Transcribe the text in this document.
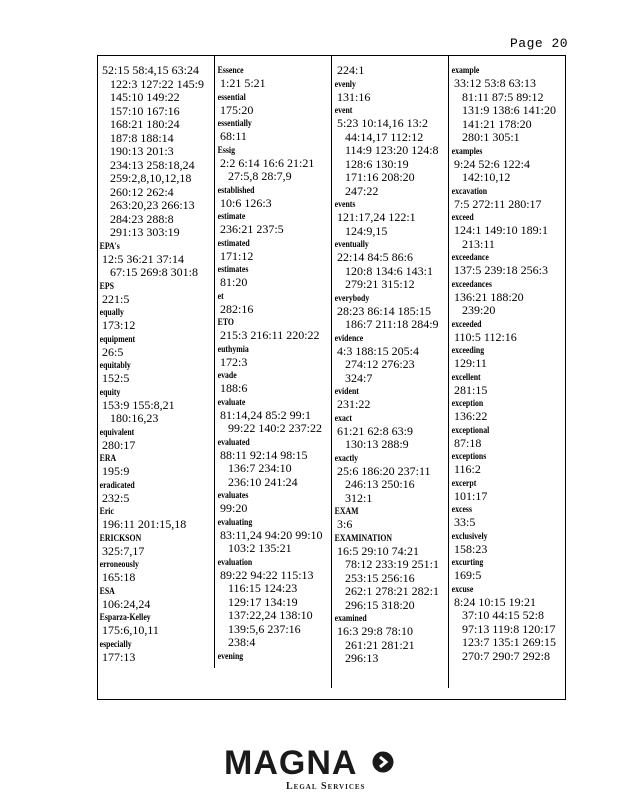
Page 20
52:15 58:4,15 63:24
122:3 127:22 145:9
145:10 149:22
157:10 167:16
168:21 180:24
187:8 188:14
190:13 201:3
234:13 258:18,24
259:2,8,10,12,18
260:12 262:4
263:20,23 266:13
284:23 288:8
291:13 303:19
EPA's
12:5 36:21 37:14
67:15 269:8 301:8
EPS
221:5
equally
173:12
equipment
26:5
equitably
152:5
equity
153:9 155:8,21
180:16,23
equivalent
280:17
ERA
195:9
eradicated
232:5
Eric
196:11 201:15,18
ERICKSON
325:7,17
erroneously
165:18
ESA
106:24,24
Esparza-Kelley
175:6,10,11
especially
177:13
Essence
1:21 5:21
essential
175:20
essentially
68:11
Essig
2:2 6:14 16:6 21:21
27:5,8 28:7,9
established
10:6 126:3
estimate
236:21 237:5
estimated
171:12
estimates
81:20
et
282:16
ETO
215:3 216:11 220:22
euthymia
172:3
evade
188:6
evaluate
81:14,24 85:2 99:1
99:22 140:2 237:22
evaluated
88:11 92:14 98:15
136:7 234:10
236:10 241:24
evaluates
99:20
evaluating
83:11,24 94:20 99:10
103:2 135:21
evaluation
89:22 94:22 115:13
116:15 124:23
129:17 134:19
137:22,24 138:10
139:5,6 237:16
238:4
evening
224:1
evenly
131:16
event
5:23 10:14,16 13:2
44:14,17 112:12
114:9 123:20 124:8
128:6 130:19
171:16 208:20
247:22
events
121:17,24 122:1
124:9,15
eventually
22:14 84:5 86:6
120:8 134:6 143:1
279:21 315:12
everybody
28:23 86:14 185:15
186:7 211:18 284:9
evidence
4:3 188:15 205:4
274:12 276:23
324:7
evident
231:22
exact
61:21 62:8 63:9
130:13 288:9
exactly
25:6 186:20 237:11
246:13 250:16
312:1
EXAM
3:6
EXAMINATION
16:5 29:10 74:21
78:12 233:19 251:1
253:15 256:16
262:1 278:21 282:1
296:15 318:20
examined
16:3 29:8 78:10
261:21 281:21
296:13
example
33:12 53:8 63:13
81:11 87:5 89:12
131:9 138:6 141:20
141:21 178:20
280:1 305:1
examples
9:24 52:6 122:4
142:10,12
excavation
7:5 272:11 280:17
exceed
124:1 149:10 189:1
213:11
exceedance
137:5 239:18 256:3
exceedances
136:21 188:20
239:20
exceeded
110:5 112:16
exceeding
129:11
excellent
281:15
exception
136:22
exceptional
87:18
exceptions
116:2
excerpt
101:17
excess
33:5
exclusively
158:23
excurting
169:5
excuse
8:24 10:15 19:21
37:10 44:15 52:8
97:13 119:8 120:17
123:7 135:1 269:15
270:7 290:7 292:8
MAGNA
Legal Services
